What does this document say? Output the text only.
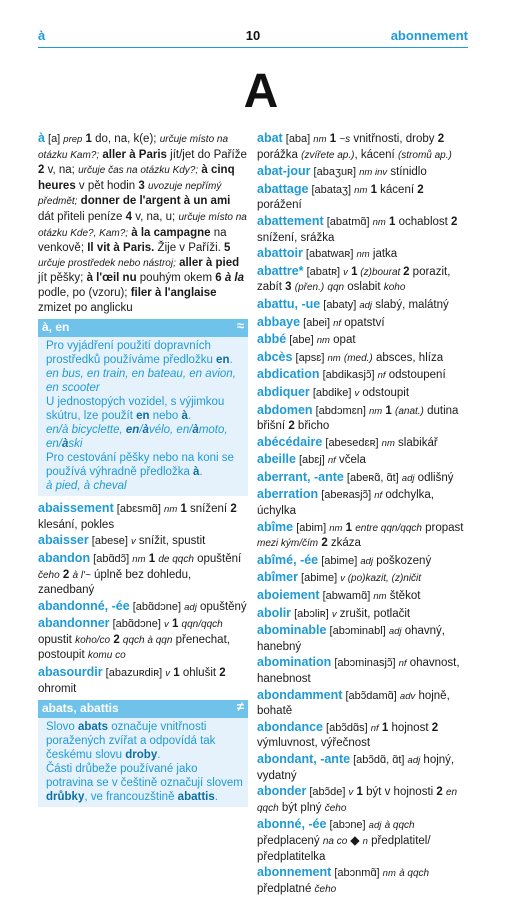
à	10	abonnement
A
à [a] prep 1 do, na, k(e); určuje místo na otázku Kam?; aller à Paris jít/jet do Paříže 2 v, na; určuje čas na otázku Kdy?; à cinq heures v pět hodin 3 uvozuje nepřímý předmět; donner de l'argent à un ami dát přiteli peníze 4 v, na, u; určuje místo na otázku Kde?, Kam?; à la campagne na venkově; Il vit à Paris. Žije v Paříži. 5 určuje prostředek nebo nástroj; aller à pied jít pěšky; à l'œil nu pouhým okem 6 à la podle, po (vzoru); filer à l'anglaise zmizet po anglicku
à, en	≈

Pro vyjádření použití dopravních prostředků používáme předložku en.

en bus, en train, en bateau, en avion, en scooter

U jednostopých vozidel, s výjimkou skútru, lze použít en nebo à.

en/à bicyclette, en/àvélo, en/àmoto, en/àski

Pro cestování pěšky nebo na koni se používá výhradně předložka à.

à pied, à cheval

abaissement [abɛsmɑ̃] nm 1 snížení 2 klesání, pokles
abaisser [abese] v snížit, spustit
abandon [abɑ̃dɔ̃] nm 1 de qqch opuštění čeho 2 à l'~ úplně bez dohledu, zanedbaný
abandonné, -ée [abɑ̃dɔne] adj opuštěný
abandonner [abɑ̃dɔne] v 1 qqn/qqch opustit koho/co 2 qqch à qqn přenechat, postoupit komu co
abasourdir [abazuʀdiʀ] v 1 ohlušit 2 ohromit
abats, abattis	≠

Slovo abats označuje vnitřnosti poražených zvířat a odpovídá tak českému slovu droby.

Části drůbeže používané jako potravina se v češtině označují slovem drůbky, ve francouzštině abattis.

abat [aba] nm 1 ~s vnitřnosti, droby 2 porážka (zvířete ap.), kácení (stromů ap.)
abat-jour [abaʒuʀ] nm inv stínidlo
abattage [abataʒ] nm 1 kácení 2 porážení
abattement [abatmɑ̃] nm 1 ochablost 2 snížení, srážka
abattoir [abatwaʀ] nm jatka
abattre* [abatʀ] v 1 (z)bourat 2 porazit, zabít 3 (přen.) qqn oslabit koho
abattu, -ue [abaty] adj slabý, malátný
abbaye [abei] nf opatství
abbé [abe] nm opat
abcès [apsɛ] nm (med.) absces, hlíza
abdication [abdikasjɔ̃] nf odstoupení
abdiquer [abdike] v odstoupit
abdomen [abdɔmɛn] nm 1 (anat.) dutina břišní 2 břicho
abécédaire [abesedɛʀ] nm slabikář
abeille [abɛj] nf včela
aberrant, -ante [abeʀɑ̃, ɑ̃t] adj odlišný
aberration [abeʀasjɔ̃] nf odchylka, úchylka
abîme [abim] nm 1 entre qqn/qqch propast mezi kým/čím 2 zkáza
abîmé, -ée [abime] adj poškozený
abîmer [abime] v (po)kazit, (z)ničit
aboiement [abwamɑ̃] nm štěkot
abolir [abɔliʀ] v zrušit, potlačit
abominable [abɔminabl] adj ohavný, hanebný
abomination [abɔminasjɔ̃] nf ohavnost, hanebnost
abondamment [abɔ̃damɑ̃] adv hojně, bohatě
abondance [abɔ̃dɑ̃s] nf 1 hojnost 2 výmluvnost, výřečnost
abondant, -ante [abɔ̃dɑ̃, ɑ̃t] adj hojný, vydatný
abonder [abɔ̃de] v 1 být v hojnosti 2 en qqch být plný čeho
abonné, -ée [abɔne] adj à qqch předplacený na co ◆ n předplatitel/ předplatitelka
abonnement [abɔnmɑ̃] nm à qqch předplatné čeho
